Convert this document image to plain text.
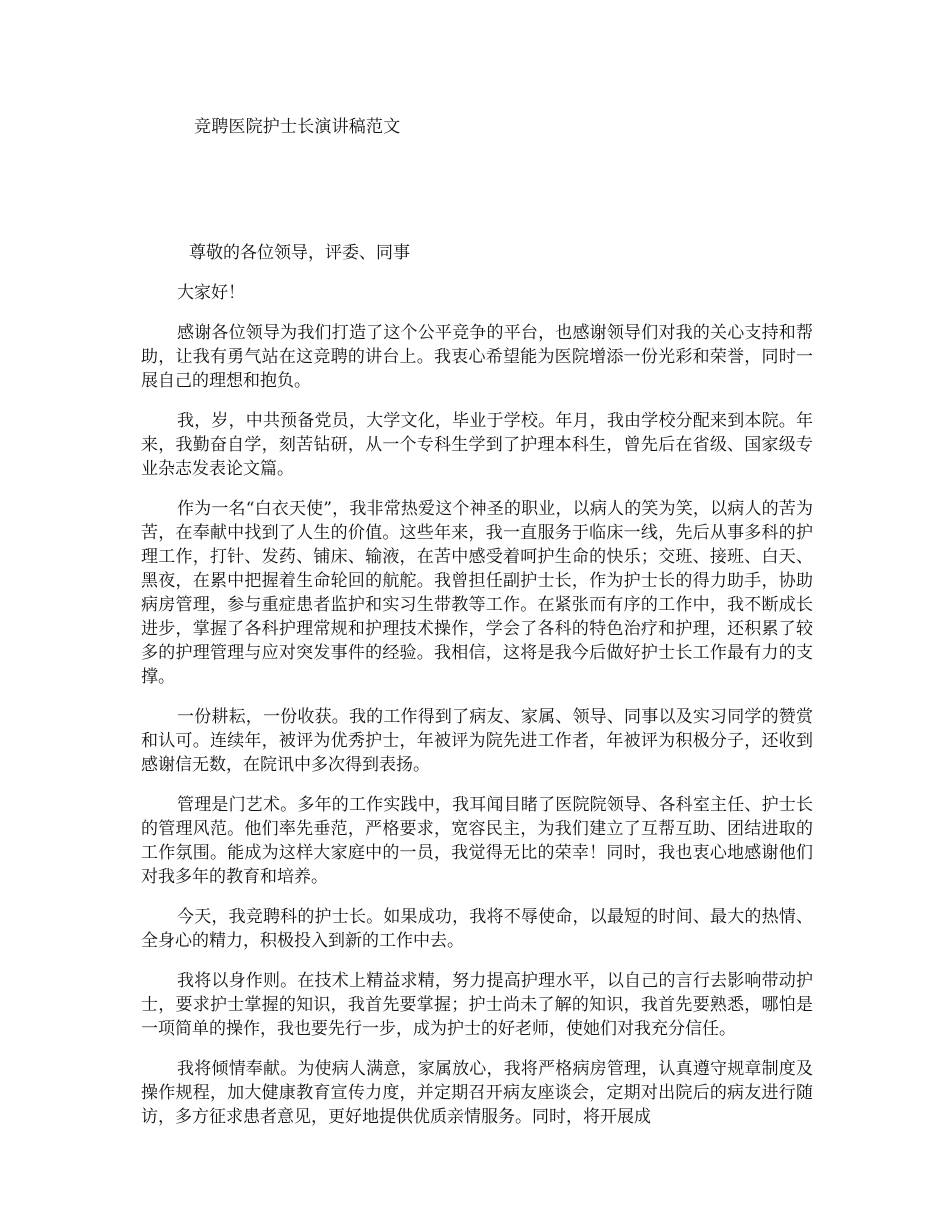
竞聘医院护士长演讲稿范文

尊敬的各位领导，评委、同事

大家好！

感谢各位领导为我们打造了这个公平竞争的平台，也感谢领导们对我的关心支持和帮助，让我有勇气站在这竞聘的讲台上。我衷心希望能为医院增添一份光彩和荣誉，同时一展自己的理想和抱负。

我，岁，中共预备党员，大学文化，毕业于学校。年月，我由学校分配来到本院。年来，我勤奋自学，刻苦钻研，从一个专科生学到了护理本科生，曾先后在省级、国家级专业杂志发表论文篇。

作为一名“白衣天使”，我非常热爱这个神圣的职业，以病人的笑为笑，以病人的苦为苦，在奉献中找到了人生的价值。这些年来，我一直服务于临床一线，先后从事多科的护理工作，打针、发药、铺床、输液，在苦中感受着呵护生命的快乐；交班、接班、白天、黑夜，在累中把握着生命轮回的航舵。我曾担任副护士长，作为护士长的得力助手，协助病房管理，参与重症患者监护和实习生带教等工作。在紧张而有序的工作中，我不断成长进步，掌握了各科护理常规和护理技术操作，学会了各科的特色治疗和护理，还积累了较多的护理管理与应对突发事件的经验。我相信，这将是我今后做好护士长工作最有力的支撑。

一份耕耘，一份收获。我的工作得到了病友、家属、领导、同事以及实习同学的赞赏和认可。连续年，被评为优秀护士，年被评为院先进工作者，年被评为积极分子，还收到感谢信无数，在院讯中多次得到表扬。

管理是门艺术。多年的工作实践中，我耳闻目睹了医院院领导、各科室主任、护士长的管理风范。他们率先垂范，严格要求，宽容民主，为我们建立了互帮互助、团结进取的工作氛围。能成为这样大家庭中的一员，我觉得无比的荣幸！同时，我也衷心地感谢他们对我多年的教育和培养。

今天，我竞聘科的护士长。如果成功，我将不辱使命，以最短的时间、最大的热情、全身心的精力，积极投入到新的工作中去。

我将以身作则。在技术上精益求精，努力提高护理水平，以自己的言行去影响带动护士，要求护士掌握的知识，我首先要掌握；护士尚未了解的知识，我首先要熟悉，哪怕是一项简单的操作，我也要先行一步，成为护士的好老师，使她们对我充分信任。

我将倾情奉献。为使病人满意，家属放心，我将严格病房管理，认真遵守规章制度及操作规程，加大健康教育宣传力度，并定期召开病友座谈会，定期对出院后的病友进行随访，多方征求患者意见，更好地提供优质亲情服务。同时，将开展成
